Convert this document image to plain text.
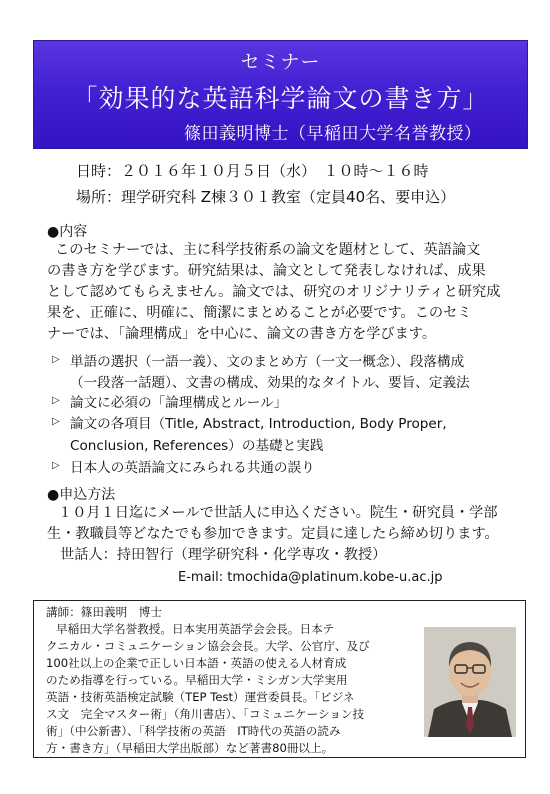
セミナー
「効果的な英語科学論文の書き方」
篠田義明博士（早稲田大学名誉教授）
日時：２０１６年１０月５日（水）　１０時～１６時
場所：理学研究科 Z棟３０１教室（定員40名、要申込）
●内容
このセミナーでは、主に科学技術系の論文を題材として、英語論文
の書き方を学びます。研究結果は、論文として発表しなければ、成果
として認めてもらえません。論文では、研究のオリジナリティと研究成
果を、正確に、明確に、簡潔にまとめることが必要です。このセミ
ナーでは、「論理構成」を中心に、論文の書き方を学びます。
▷ 単語の選択（一語一義）、文のまとめ方（一文一概念）、段落構成
（一段落一話題）、文書の構成、効果的なタイトル、要旨、定義法
▷ 論文に必須の「論理構成とルール」
▷ 論文の各項目（Title, Abstract, Introduction, Body Proper,
Conclusion, References）の基礎と実践
▷ 日本人の英語論文にみられる共通の誤り
●申込方法
１０月１日迄にメールで世話人に申込ください。院生・研究員・学部
生・教職員等どなたでも参加できます。定員に達したら締め切ります。
世話人：持田智行（理学研究科・化学専攻・教授）
E-mail: tmochida@platinum.kobe-u.ac.jp
講師：篠田義明　博士
早稲田大学名誉教授。日本実用英語学会会長。日本テ
クニカル・コミュニケーション協会会長。大学、公官庁、及び
100社以上の企業で正しい日本語・英語の使える人材育成
のため指導を行っている。早稲田大学・ミシガン大学実用
英語・技術英語検定試験（TEP Test）運営委員長。「ビジネ
ス文　完全マスター術」（角川書店）、「コミュニケーション技
術」（中公新書）、「科学技術の英語　IT時代の英語の読み
方・書き方」（早稲田大学出版部）など著書80冊以上。
